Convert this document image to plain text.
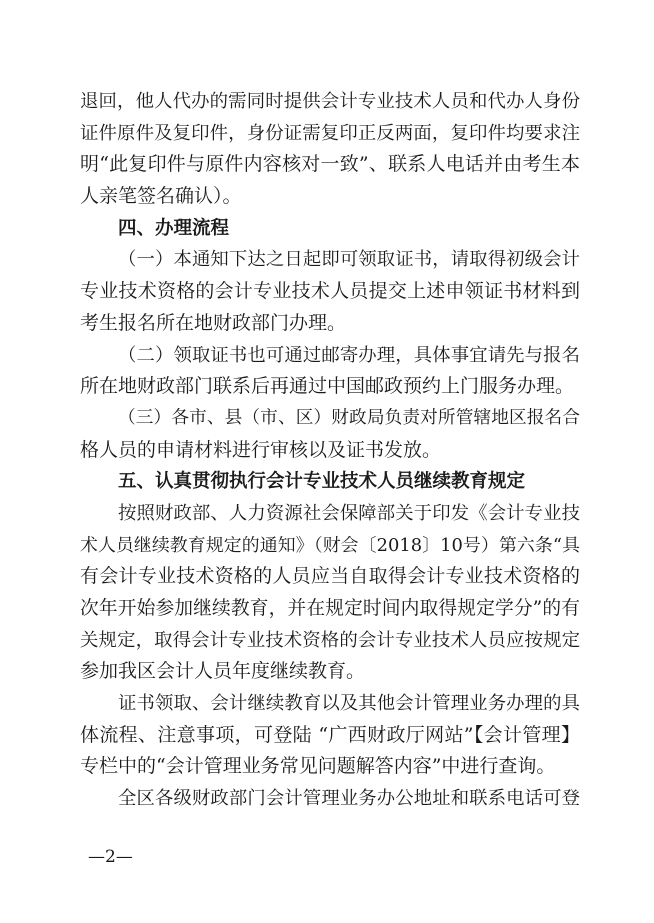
退回，他人代办的需同时提供会计专业技术人员和代办人身份
证件原件及复印件，身份证需复印正反两面，复印件均要求注
明“此复印件与原件内容核对一致”、联系人电话并由考生本
人亲笔签名确认）。
四、办理流程
（一）本通知下达之日起即可领取证书，请取得初级会计
专业技术资格的会计专业技术人员提交上述申领证书材料到
考生报名所在地财政部门办理。
（二）领取证书也可通过邮寄办理，具体事宜请先与报名
所在地财政部门联系后再通过中国邮政预约上门服务办理。
（三）各市、县（市、区）财政局负责对所管辖地区报名合
格人员的申请材料进行审核以及证书发放。
五、认真贯彻执行会计专业技术人员继续教育规定
按照财政部、人力资源社会保障部关于印发《会计专业技
术人员继续教育规定的通知》（财会〔2018〕10号）第六条“具
有会计专业技术资格的人员应当自取得会计专业技术资格的
次年开始参加继续教育，并在规定时间内取得规定学分”的有
关规定，取得会计专业技术资格的会计专业技术人员应按规定
参加我区会计人员年度继续教育。
证书领取、会计继续教育以及其他会计管理业务办理的具
体流程、注意事项，可登陆 “广西财政厅网站”【会计管理】
专栏中的“会计管理业务常见问题解答内容”中进行查询。
全区各级财政部门会计管理业务办公地址和联系电话可登
—2—
